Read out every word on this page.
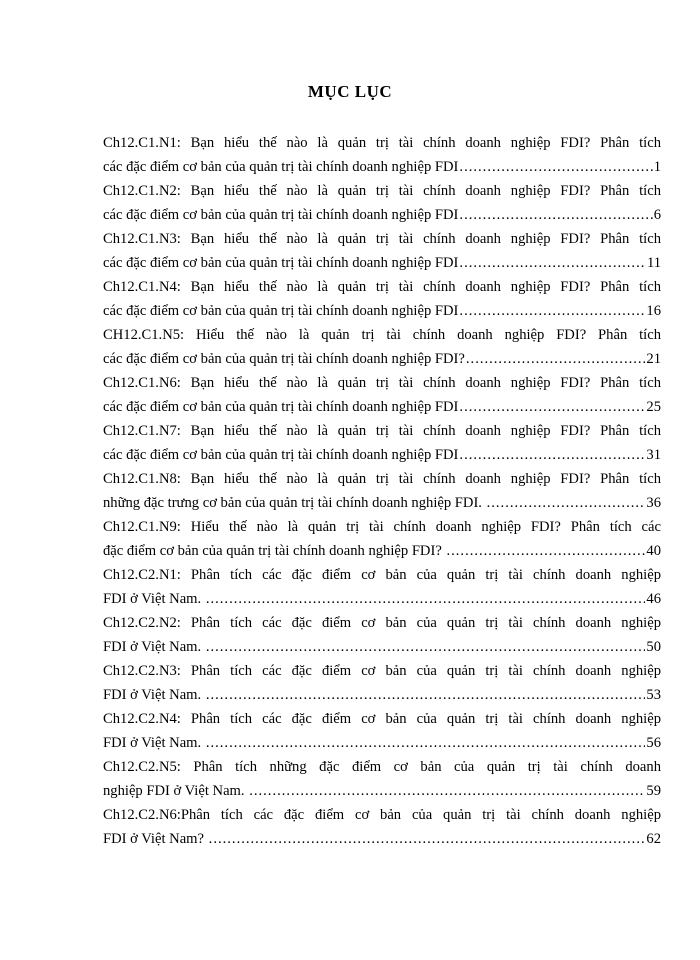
MỤC LỤC
Ch12.C1.N1: Bạn hiểu thế nào là quản trị tài chính doanh nghiệp FDI? Phân tích
các đặc điểm cơ bản của quản trị tài chính doanh nghiệp FDI .....	1
Ch12.C1.N2: Bạn hiểu thế nào là quản trị tài chính doanh nghiệp FDI? Phân tích
các đặc điểm cơ bản của quản trị tài chính doanh nghiệp FDI .....	6
Ch12.C1.N3: Bạn hiểu thế nào là quản trị tài chính doanh nghiệp FDI? Phân tích
các đặc điểm cơ bản của quản trị tài chính doanh nghiệp FDI .....	11
Ch12.C1.N4: Bạn hiểu thế nào là quản trị tài chính doanh nghiệp FDI? Phân tích
các đặc điểm cơ bản của quản trị tài chính doanh nghiệp FDI .....	16
CH12.C1.N5: Hiểu thế nào là quản trị tài chính doanh nghiệp FDI? Phân tích
các đặc điểm cơ bản của quản trị tài chính doanh nghiệp FDI? .....	21
Ch12.C1.N6: Bạn hiểu thế nào là quản trị tài chính doanh nghiệp FDI? Phân tích
các đặc điểm cơ bản của quản trị tài chính doanh nghiệp FDI .....	25
Ch12.C1.N7: Bạn hiểu thế nào là quản trị tài chính doanh nghiệp FDI? Phân tích
các đặc điểm cơ bản của quản trị tài chính doanh nghiệp FDI .....	31
Ch12.C1.N8: Bạn hiểu thế nào là quản trị tài chính doanh nghiệp FDI? Phân tích
những đặc trưng cơ bản của quản trị tài chính doanh nghiệp FDI. .....	36
Ch12.C1.N9: Hiểu thế nào là quản trị tài chính doanh nghiệp FDI? Phân tích các
đặc điểm cơ bản của quản trị tài chính doanh nghiệp FDI? .....	40
Ch12.C2.N1: Phân tích các đặc điểm cơ bản của quản trị tài chính doanh nghiệp
FDI ở Việt Nam. .....	46
Ch12.C2.N2: Phân tích các đặc điểm cơ bản của quản trị tài chính doanh nghiệp
FDI ở Việt Nam. .....	50
Ch12.C2.N3: Phân tích các đặc điểm cơ bản của quản trị tài chính doanh nghiệp
FDI ở Việt Nam. .....	53
Ch12.C2.N4: Phân tích các đặc điểm cơ bản của quản trị tài chính doanh nghiệp
FDI ở Việt Nam. .....	56
Ch12.C2.N5: Phân tích những đặc điểm cơ bản của quản trị tài chính doanh
nghiệp FDI ở Việt Nam. .....	59
Ch12.C2.N6:Phân tích các đặc điểm cơ bản của quản trị tài chính doanh nghiệp
FDI ở Việt Nam? .....	62
